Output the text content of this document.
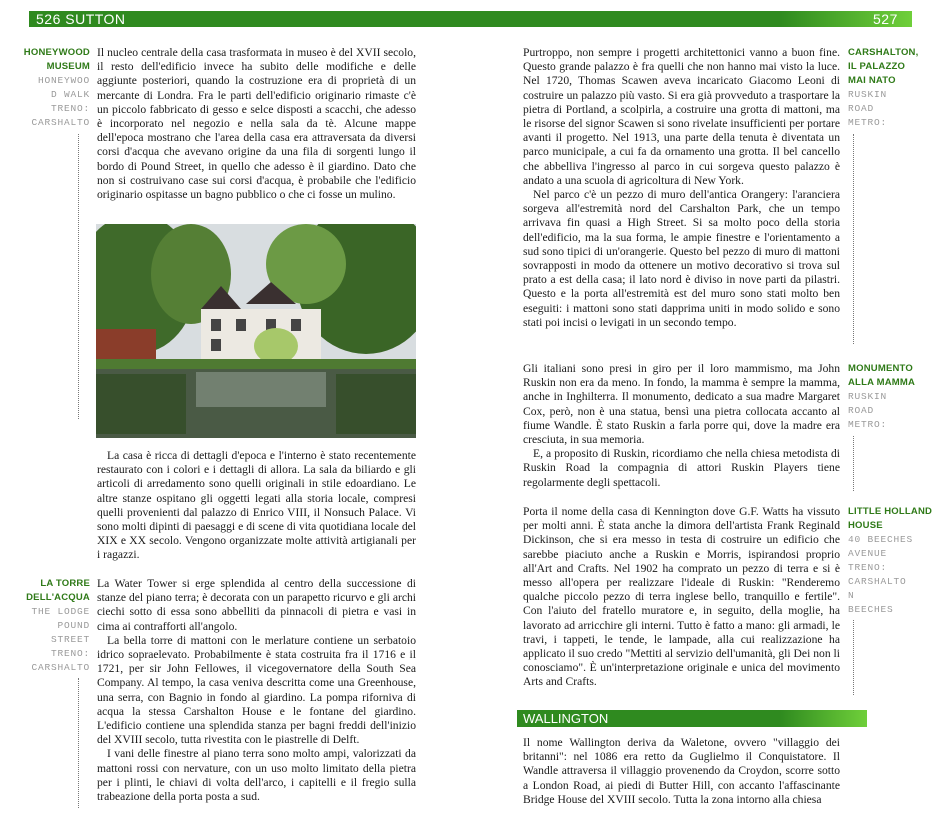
526 SUTTON	527
HONEYWOOD
MUSEUM
HONEYWOO
D WALK
TRENO:
CARSHALTO
LA TORRE
DELL'ACQUA
THE LODGE
POUND
STREET
TRENO:
CARSHALTO

Il nucleo centrale della casa trasformata in museo è del XVII secolo, il resto dell'edificio invece ha subito delle modifiche e delle aggiunte posteriori, quando la costruzione era di proprietà di un mercante di Londra. Fra le parti dell'edificio originario rimaste c'è un piccolo fabbricato di gesso e selce disposti a scacchi, che adesso è incorporato nel negozio e nella sala da tè. Alcune mappe dell'epoca mostrano che l'area della casa era attraversata da diversi corsi d'acqua che avevano origine da una fila di sorgenti lungo il bordo di Pound Street, in quello che adesso è il giardino. Dato che non si costruivano case sui corsi d'acqua, è probabile che l'edificio originario ospitasse un bagno pubblico o che ci fosse un mulino.

La casa è ricca di dettagli d'epoca e l'interno è stato recentemente restaurato con i colori e i dettagli di allora. La sala da biliardo e gli articoli di arredamento sono quelli originali in stile edoardiano. Le altre stanze ospitano gli oggetti legati alla storia locale, compresi quelli provenienti dal palazzo di Enrico VIII, il Nonsuch Palace. Vi sono molti dipinti di paesaggi e di scene di vita quotidiana locale del XIX e XX secolo. Vengono organizzate molte attività artigianali per i ragazzi.

La Water Tower si erge splendida al centro della successione di stanze del piano terra; è decorata con un parapetto ricurvo e gli archi ciechi sotto di essa sono abbelliti da pinnacoli di pietra e vasi in cima ai contrafforti all'angolo.

La bella torre di mattoni con le merlature contiene un serbatoio idrico sopraelevato. Probabilmente è stata costruita fra il 1716 e il 1721, per sir John Fellowes, il vicegovernatore della South Sea Company. Al tempo, la casa veniva descritta come una Greenhouse, una serra, con Bagnio in fondo al giardino. La pompa riforniva di acqua la stessa Carshalton House e le fontane del giardino. L'edificio contiene una splendida stanza per bagni freddi dell'inizio del XVIII secolo, tutta rivestita con le piastrelle di Delft.

I vani delle finestre al piano terra sono molto ampi, valorizzati da mattoni rossi con nervature, con un uso molto limitato della pietra per i plinti, le chiavi di volta dell'arco, i capitelli e il fregio sulla trabeazione della porta posta a sud.

Purtroppo, non sempre i progetti architettonici vanno a buon fine. Questo grande palazzo è fra quelli che non hanno mai visto la luce. Nel 1720, Thomas Scawen aveva incaricato Giacomo Leoni di costruire un palazzo più vasto. Si era già provveduto a trasportare la pietra di Portland, a scolpirla, a costruire una grotta di mattoni, ma le risorse del signor Scawen si sono rivelate insufficienti per portare avanti il progetto. Nel 1913, una parte della tenuta è diventata un parco municipale, a cui fa da ornamento una grotta. Il bel cancello che abbelliva l'ingresso al parco in cui sorgeva questo palazzo è andato a una scuola di agricoltura di New York.

Nel parco c'è un pezzo di muro dell'antica Orangery: l'aranciera sorgeva all'estremità nord del Carshalton Park, che un tempo arrivava fin quasi a High Street. Si sa molto poco della storia dell'edificio, ma la sua forma, le ampie finestre e l'orientamento a sud sono tipici di un'orangerie. Questo bel pezzo di muro di mattoni sovrapposti in modo da ottenere un motivo decorativo si trova sul prato a est della casa; il lato nord è diviso in nove parti da pilastri. Questo e la porta all'estremità est del muro sono stati molto ben eseguiti: i mattoni sono stati dapprima uniti in modo solido e sono stati poi incisi o levigati in un secondo tempo.

Gli italiani sono presi in giro per il loro mammismo, ma John Ruskin non era da meno. In fondo, la mamma è sempre la mamma, anche in Inghilterra. Il monumento, dedicato a sua madre Margaret Cox, però, non è una statua, bensì una pietra collocata accanto al fiume Wandle. È stato Ruskin a farla porre qui, dove la madre era cresciuta, in sua memoria.

E, a proposito di Ruskin, ricordiamo che nella chiesa metodista di Ruskin Road la compagnia di attori Ruskin Players tiene regolarmente degli spettacoli.

Porta il nome della casa di Kennington dove G.F. Watts ha vissuto per molti anni. È stata anche la dimora dell'artista Frank Reginald Dickinson, che si era messo in testa di costruire un edificio che sarebbe piaciuto anche a Ruskin e Morris, ispirandosi proprio all'Art and Crafts. Nel 1902 ha comprato un pezzo di terra e si è messo all'opera per realizzare l'ideale di Ruskin: "Renderemo qualche piccolo pezzo di terra inglese bello, tranquillo e fertile". Con l'aiuto del fratello muratore e, in seguito, della moglie, ha lavorato ad arricchire gli interni. Tutto è fatto a mano: gli armadi, le travi, i tappeti, le tende, le lampade, alla cui realizzazione ha applicato il suo credo "Mettiti al servizio dell'umanità, gli Dei non li conosciamo". È un'interpretazione originale e unica del movimento Arts and Crafts.

WALLINGTON

Il nome Wallington deriva da Waletone, ovvero "villaggio dei britanni": nel 1086 era retto da Guglielmo il Conquistatore. Il Wandle attraversa il villaggio provenendo da Croydon, scorre sotto a London Road, ai piedi di Butter Hill, con accanto l'affascinante Bridge House del XVIII secolo. Tutta la zona intorno alla chiesa

CARSHALTON,
IL PALAZZO
MAI NATO
RUSKIN
ROAD
METRO:
MONUMENTO
ALLA MAMMA
RUSKIN
ROAD
METRO:
LITTLE HOLLAND
HOUSE
40 BEECHES
AVENUE
TRENO:
CARSHALTO
N
BEECHES
